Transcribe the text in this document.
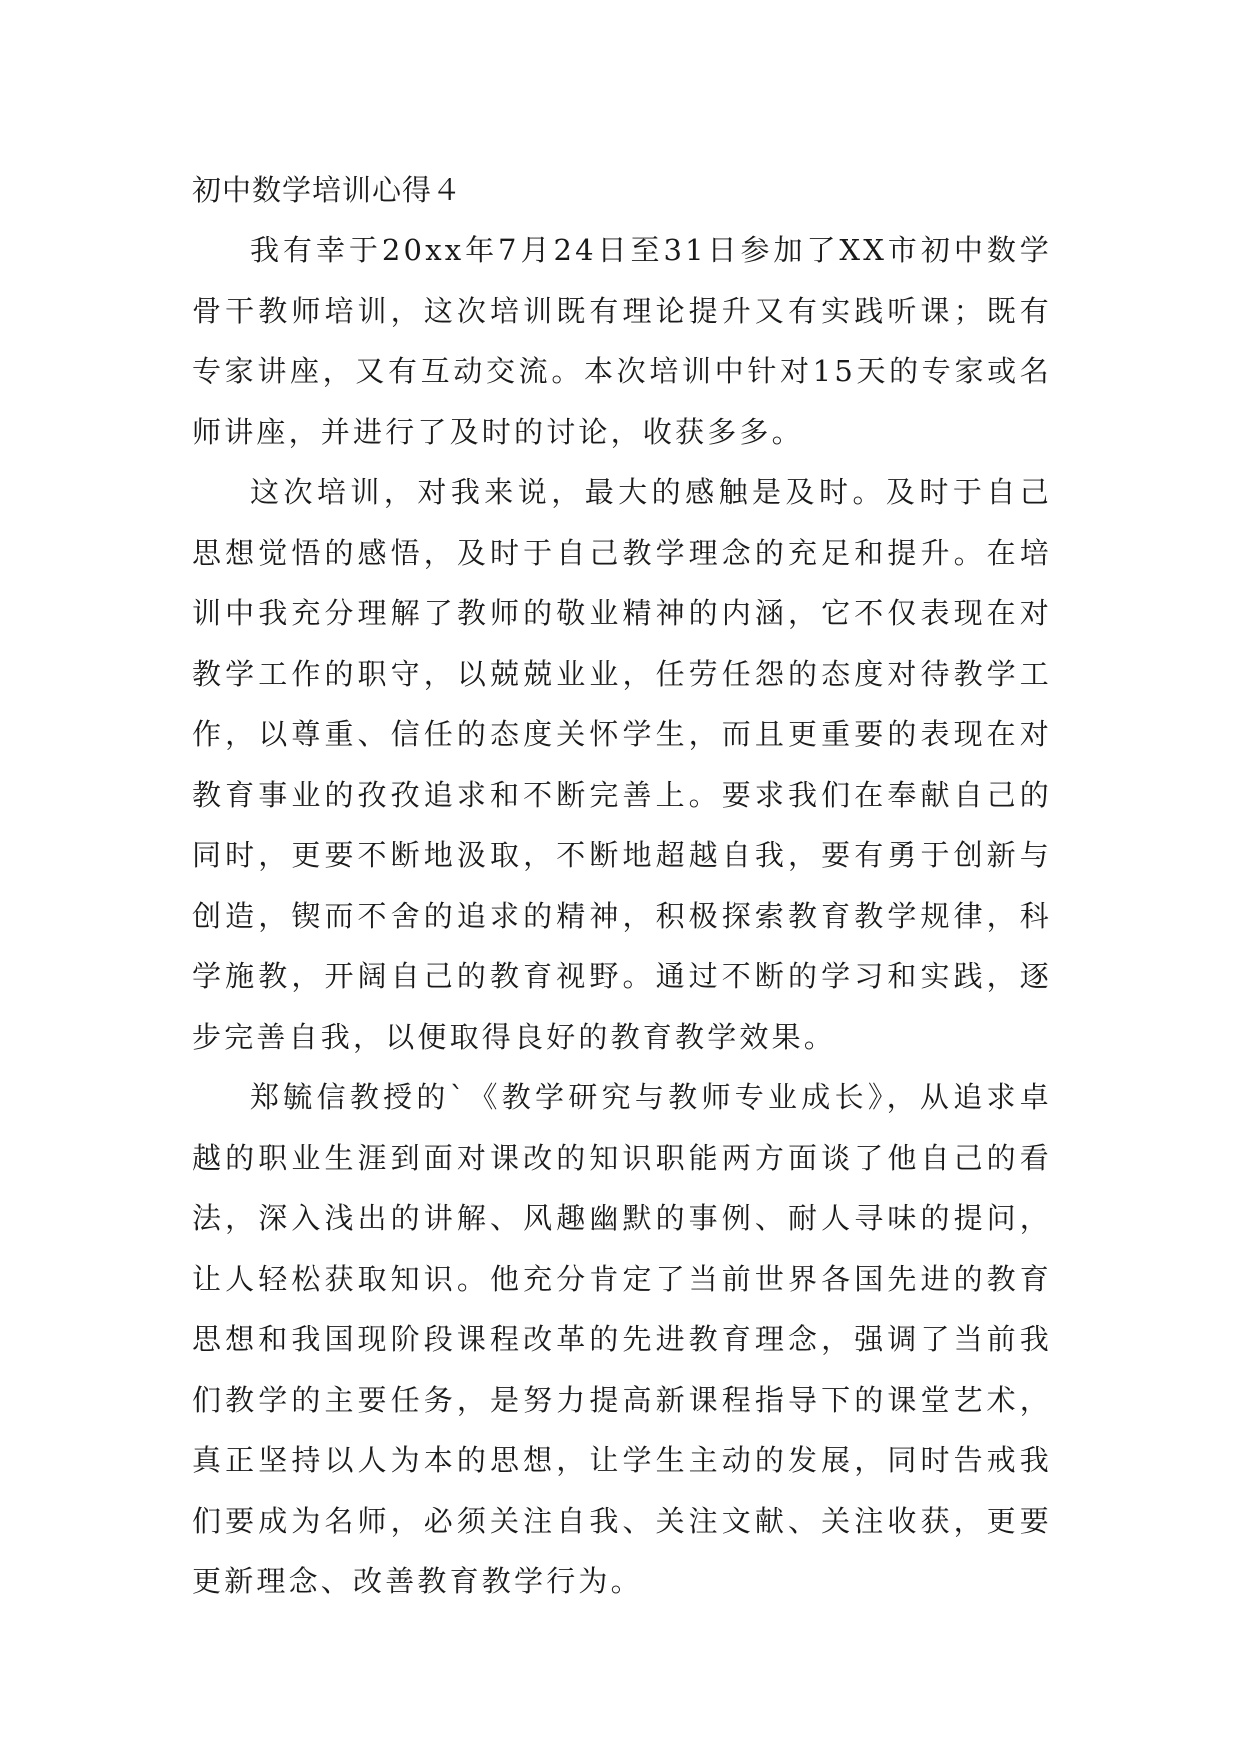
初中数学培训心得４

我有幸于20xx年7月24日至31日参加了XX市初中数学骨干教师培训，这次培训既有理论提升又有实践听课；既有专家讲座，又有互动交流。本次培训中针对15天的专家或名师讲座，并进行了及时的讨论，收获多多。

这次培训，对我来说，最大的感触是及时。及时于自己思想觉悟的感悟，及时于自己教学理念的充足和提升。在培训中我充分理解了教师的敬业精神的内涵，它不仅表现在对教学工作的职守，以兢兢业业，任劳任怨的态度对待教学工作，以尊重、信任的态度关怀学生，而且更重要的表现在对教育事业的孜孜追求和不断完善上。要求我们在奉献自己的同时，更要不断地汲取，不断地超越自我，要有勇于创新与创造，锲而不舍的追求的精神，积极探索教育教学规律，科学施教，开阔自己的教育视野。通过不断的学习和实践，逐步完善自我，以便取得良好的教育教学效果。

郑毓信教授的`《教学研究与教师专业成长》，从追求卓越的职业生涯到面对课改的知识职能两方面谈了他自己的看法，深入浅出的讲解、风趣幽默的事例、耐人寻味的提问，让人轻松获取知识。他充分肯定了当前世界各国先进的教育思想和我国现阶段课程改革的先进教育理念，强调了当前我们教学的主要任务，是努力提高新课程指导下的课堂艺术，真正坚持以人为本的思想，让学生主动的发展，同时告戒我们要成为名师，必须关注自我、关注文献、关注收获，更要更新理念、改善教育教学行为。
